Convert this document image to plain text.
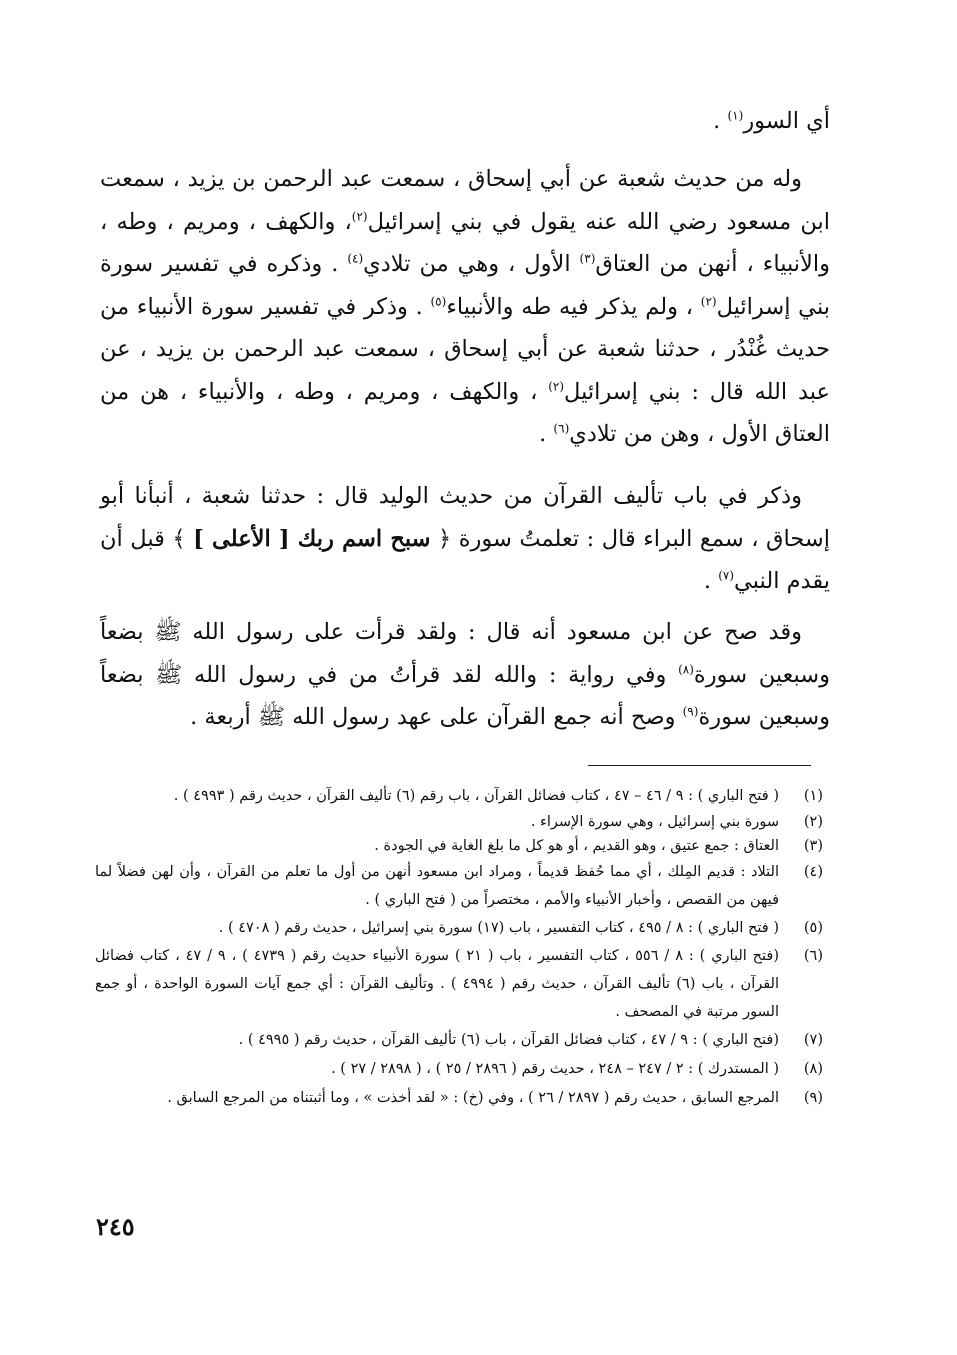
أي السور$^{(١)}$ .

وله من حديث شعبة عن أبي إسحاق ، سمعت عبد الرحمن بن يزيد ، سمعت ابن مسعود رضي الله عنه يقول في بني إسرائيل$^{(٢)}$، والكهف ، ومريم ، وطه ، والأنبياء ، أنهن من العتاق$^{(٣)}$ الأول ، وهي من تلادي$^{(٤)}$ . وذكره في تفسير سورة بني إسرائيل$^{(٢)}$ ، ولم يذكر فيه طه والأنبياء$^{(٥)}$ . وذكر في تفسير سورة الأنبياء من حديث غُنْدُر ، حدثنا شعبة عن أبي إسحاق ، سمعت عبد الرحمن بن يزيد ، عن عبد الله قال : بني إسرائيل$^{(٢)}$ ، والكهف ، ومريم ، وطه ، والأنبياء ، هن من العتاق الأول ، وهن من تلادي$^{(٦)}$ .

وذكر في باب تأليف القرآن من حديث الوليد قال : حدثنا شعبة ، أنبأنا أبو إسحاق ، سمع البراء قال : تعلمتُ سورة ﴿ سبح اسم ربك [ الأعلى ] ﴾ قبل أن يقدم النبي$^{(٧)}$ .

وقد صح عن ابن مسعود أنه قال : ولقد قرأت على رسول الله ﷺ بضعاً وسبعين سورة$^{(٨)}$ وفي رواية : والله لقد قرأتُ من في رسول الله ﷺ بضعاً وسبعين سورة$^{(٩)}$ وصح أنه جمع القرآن على عهد رسول الله ﷺ أربعة .

(١)
( فتح الباري ) : ٩ / ٤٦ – ٤٧ ، كتاب فضائل القرآن ، باب رقم (٦) تأليف القرآن ، حديث رقم ( ٤٩٩٣ ) .
(٢)
سورة بني إسرائيل ، وهي سورة الإسراء .
(٣)
العتاق : جمع عتيق ، وهو القديم ، أو هو كل ما بلغ الغاية في الجودة .
(٤)
التلاد : قديم المِلك ، أي مما حُفظ قديماً ، ومراد ابن مسعود أنهن من أول ما تعلم من القرآن ، وأن لهن فضلاً لما فيهن من القصص ، وأخبار الأنبياء والأمم ، مختصراً من ( فتح الباري ) .
(٥)
( فتح الباري ) : ٨ / ٤٩٥ ، كتاب التفسير ، باب (١٧) سورة بني إسرائيل ، حديث رقم ( ٤٧٠٨ ) .
(٦)
(فتح الباري ) : ٨ / ٥٥٦ ، كتاب التفسير ، باب ( ٢١ ) سورة الأنبياء حديث رقم ( ٤٧٣٩ ) ، ٩ / ٤٧ ، كتاب فضائل القرآن ، باب (٦) تأليف القرآن ، حديث رقم ( ٤٩٩٤ ) . وتأليف القرآن : أي جمع آيات السورة الواحدة ، أو جمع السور مرتبة في المصحف .
(٧)
(فتح الباري ) : ٩ / ٤٧ ، كتاب فضائل القرآن ، باب (٦) تأليف القرآن ، حديث رقم ( ٤٩٩٥ ) .
(٨)
( المستدرك ) : ٢ / ٢٤٧ – ٢٤٨ ، حديث رقم ( ٢٨٩٦ / ٢٥ ) ، ( ٢٨٩٨ / ٢٧ ) .
(٩)
المرجع السابق ، حديث رقم ( ٢٨٩٧ / ٢٦ ) ، وفي (خ) : « لقد أخذت » ، وما أثبتناه من المرجع السابق .
٢٤٥
